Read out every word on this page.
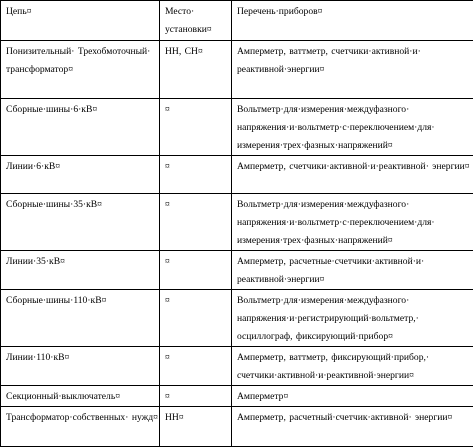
Цепь¤	Место· установки¤	Перечень·приборов¤
Понизительный· Трехобмоточный· трансформатор¤	НН, СН¤	Амперметр, ваттметр, счетчики·активной·и· реактивной·энергии¤
Сборные·шины·6·кВ¤	¤	Вольтметр·для·измерения·междуфазного· напряжения·и·вольтметр·с·переключением·для· измерения·трех·фазных·напряжений¤
Линии·6·кВ¤	¤	Амперметр, счетчики·активной·и·реактивной· энергии¤
Сборные·шины·35·кВ¤	¤	Вольтметр·для·измерения·междуфазного· напряжения·и·вольтметр·с·переключением·для· измерения·трех·фазных·напряжений¤
Линии·35·кВ¤	¤	Амперметр, расчетные·счетчики·активной·и· реактивной·энергии¤
Сборные·шины·110·кВ¤	¤	Вольтметр·для·измерения·междуфазного· напряжения·и·регистрирующий·вольтметр,· осциллограф, фиксирующий·прибор¤
Линии·110·кВ¤	¤	Амперметр, ваттметр, фиксирующий·прибор,· счетчики·активной·и·реактивной·энергии¤
Секционный·выключатель¤	¤	Амперметр¤
Трансформатор·собственных· нужд¤	НН¤	Амперметр, расчетный·счетчик·активной· энергии¤
